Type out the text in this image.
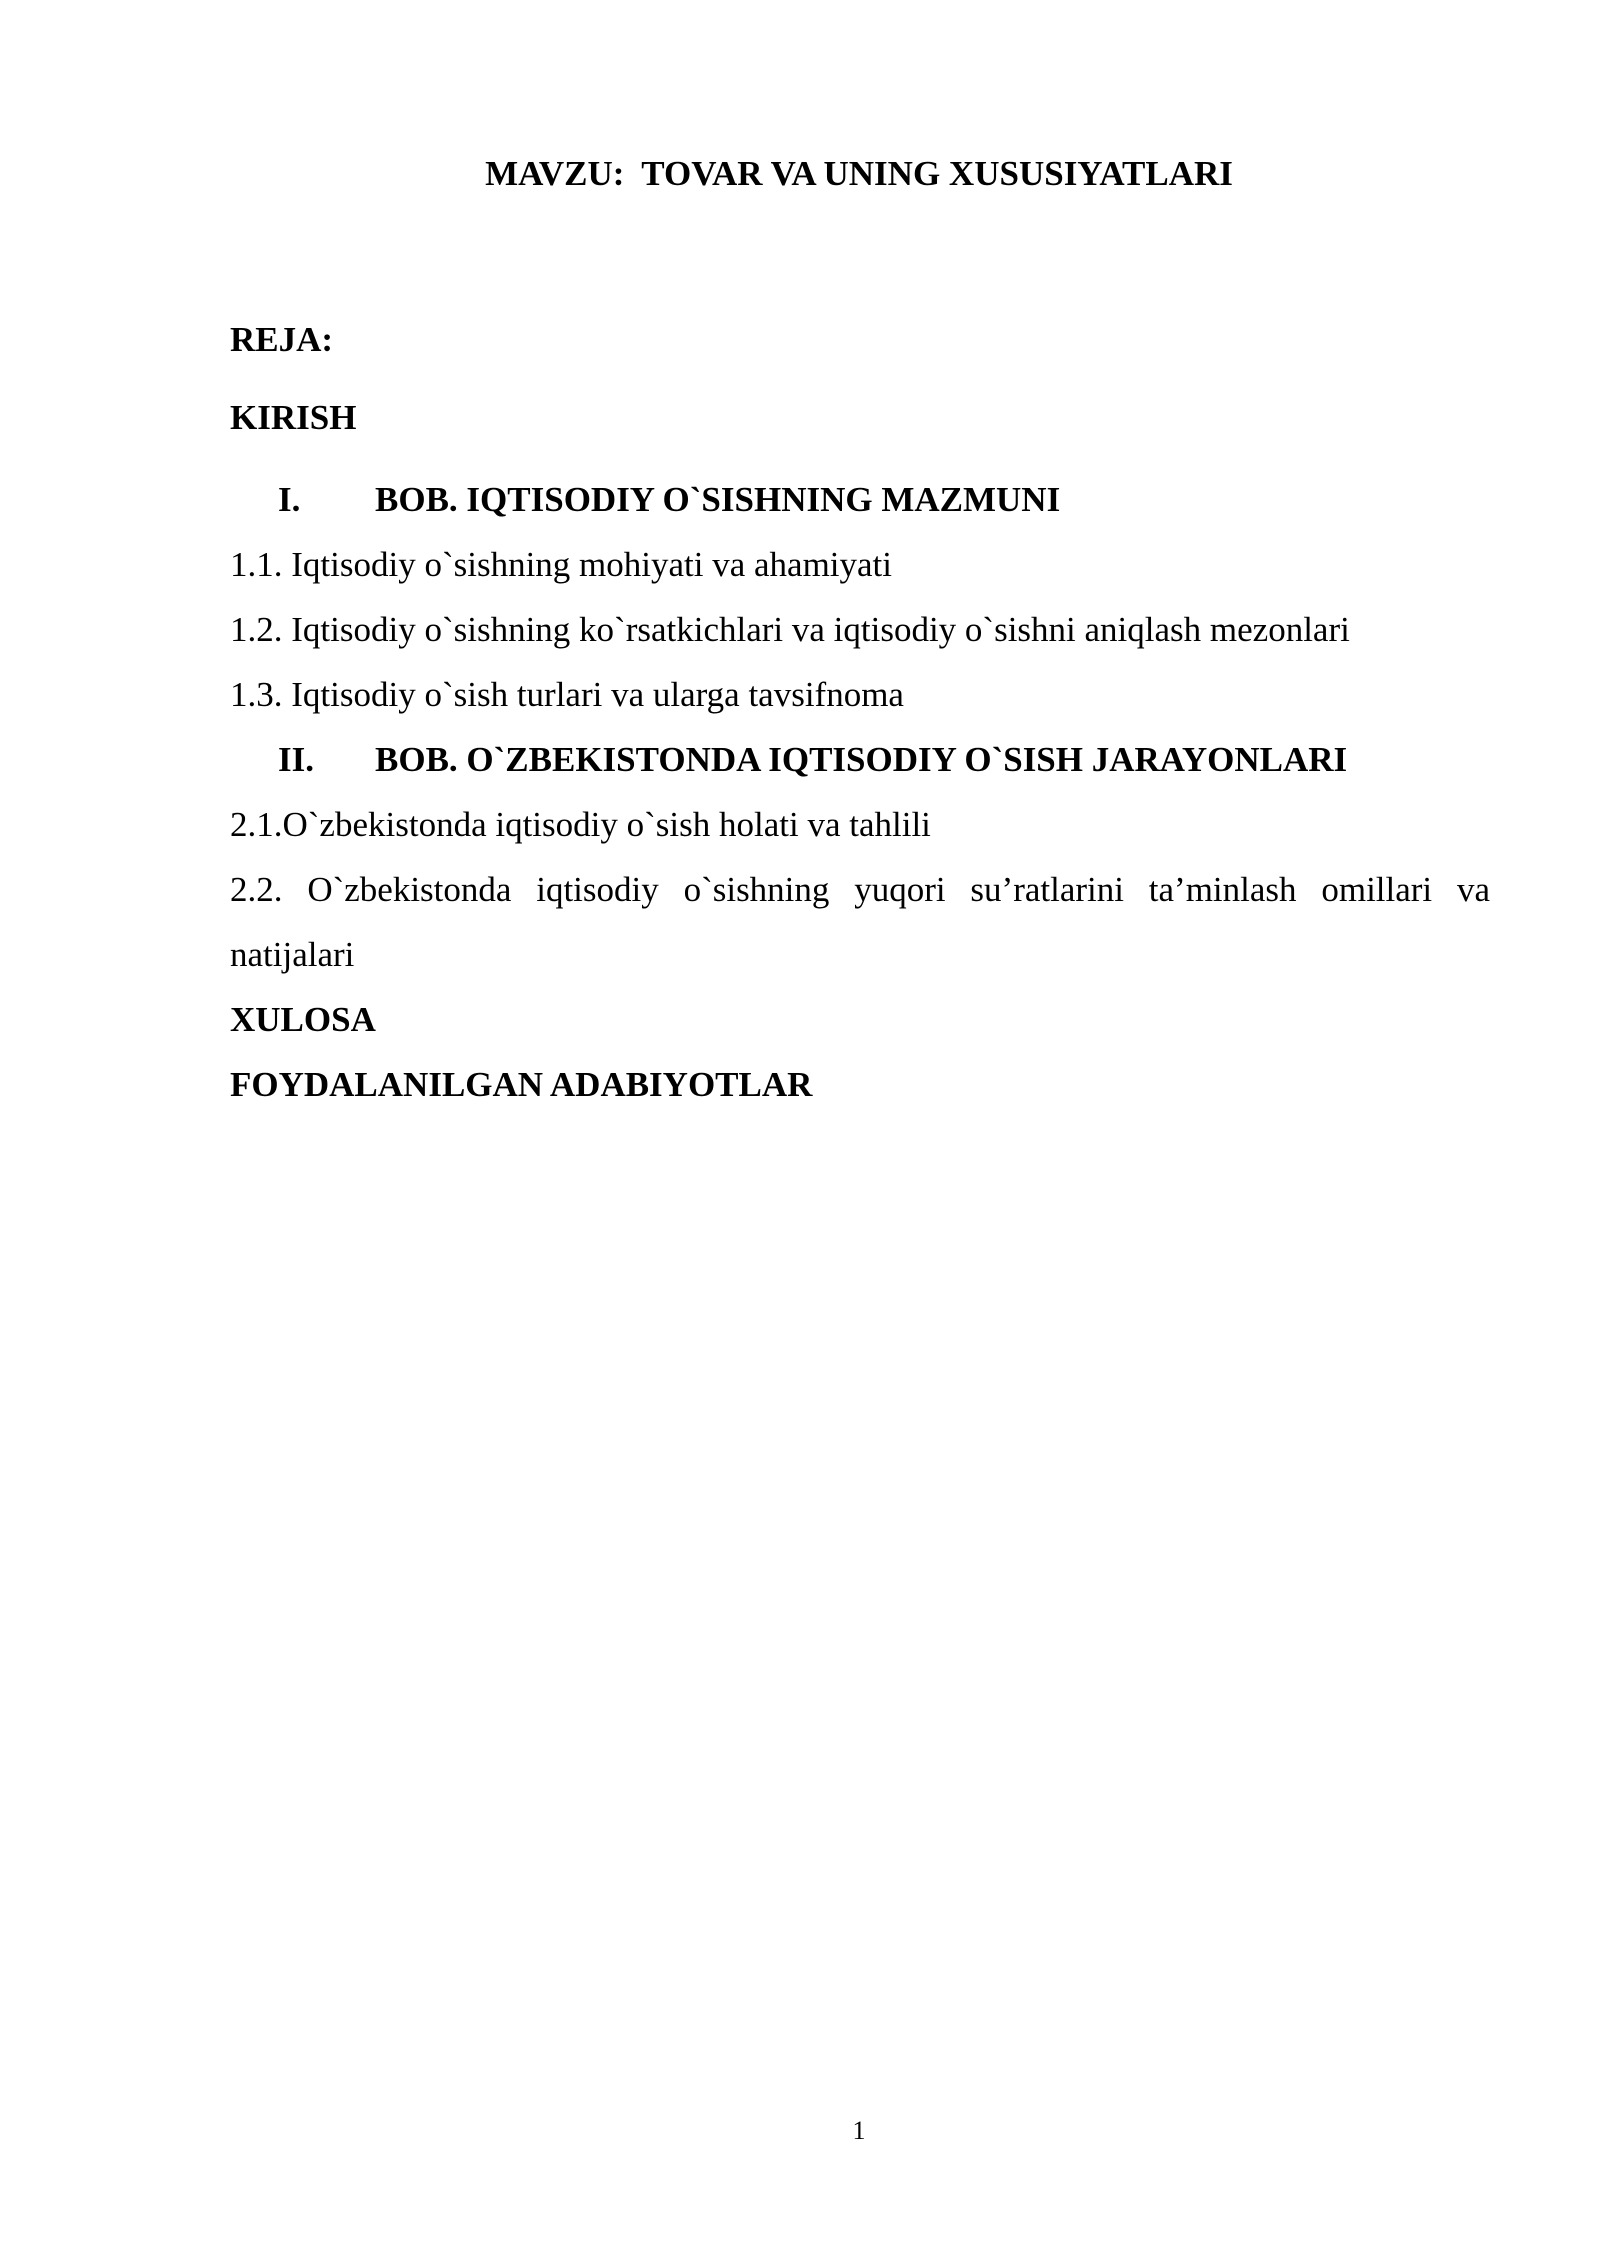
MAVZU:  TOVAR VA UNING XUSUSIYATLARI
REJA:
KIRISH
I. BOB. IQTISODIY O`SISHNING MAZMUNI
1.1. Iqtisodiy o`sishning mohiyati va ahamiyati
1.2. Iqtisodiy o`sishning ko`rsatkichlari va iqtisodiy o`sishni aniqlash mezonlari
1.3. Iqtisodiy o`sish turlari va ularga tavsifnoma
II. BOB. O`ZBEKISTONDA IQTISODIY O`SISH JARAYONLARI
2.1.O`zbekistonda iqtisodiy o`sish holati va tahlili
2.2. O`zbekistonda iqtisodiy o`sishning yuqori su’ratlarini ta’minlash omillari va natijalari
XULOSA
FOYDALANILGAN ADABIYOTLAR
1
